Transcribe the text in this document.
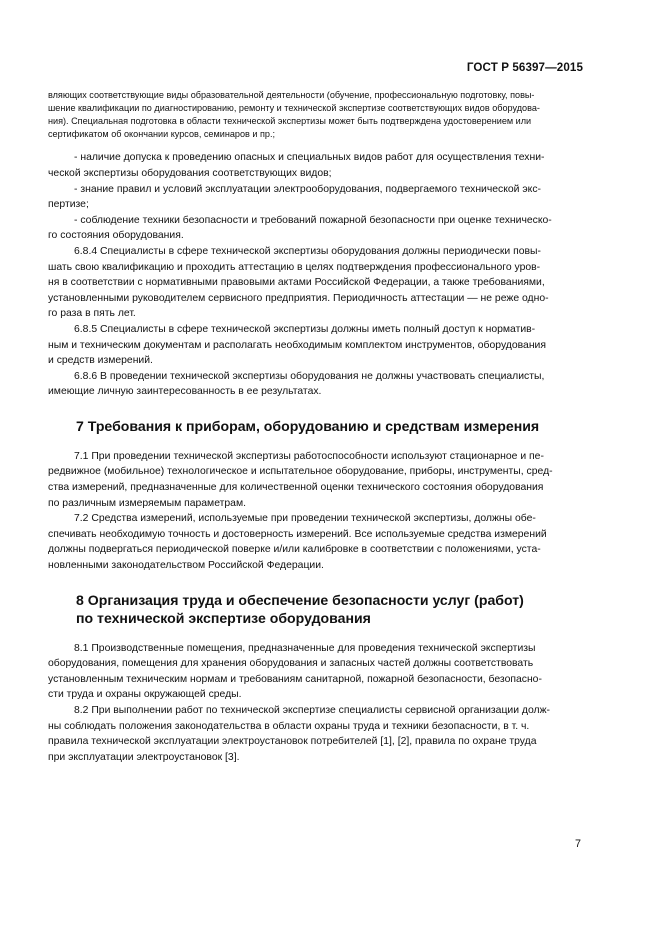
ГОСТ Р 56397—2015
вляющих соответствующие виды образовательной деятельности (обучение, профессиональную подготовку, повы-
шение квалификации по диагностированию, ремонту и технической экспертизе соответствующих видов оборудова-
ния). Специальная подготовка в области технической экспертизы может быть подтверждена удостоверением или
сертификатом об окончании курсов, семинаров и пр.;
- наличие допуска к проведению опасных и специальных видов работ для осуществления техни-
ческой экспертизы оборудования соответствующих видов;
- знание правил и условий эксплуатации электрооборудования, подвергаемого технической экс-
пертизе;
- соблюдение техники безопасности и требований пожарной безопасности при оценке техническо-
го состояния оборудования.
6.8.4 Специалисты в сфере технической экспертизы оборудования должны периодически повы-
шать свою квалификацию и проходить аттестацию в целях подтверждения профессионального уров-
ня в соответствии с нормативными правовыми актами Российской Федерации, а также требованиями,
установленными руководителем сервисного предприятия. Периодичность аттестации — не реже одно-
го раза в пять лет.
6.8.5 Специалисты в сфере технической экспертизы должны иметь полный доступ к норматив-
ным и техническим документам и располагать необходимым комплектом инструментов, оборудования
и средств измерений.
6.8.6 В проведении технической экспертизы оборудования не должны участвовать специалисты,
имеющие личную заинтересованность в ее результатах.
7 Требования к приборам, оборудованию и средствам измерения
7.1 При проведении технической экспертизы работоспособности используют стационарное и пе-
редвижное (мобильное) технологическое и испытательное оборудование, приборы, инструменты, сред-
ства измерений, предназначенные для количественной оценки технического состояния оборудования
по различным измеряемым параметрам.
7.2 Средства измерений, используемые при проведении технической экспертизы, должны обе-
спечивать необходимую точность и достоверность измерений. Все используемые средства измерений
должны подвергаться периодической поверке и/или калибровке в соответствии с положениями, уста-
новленными законодательством Российской Федерации.
8 Организация труда и обеспечение безопасности услуг (работ)
по технической экспертизе оборудования
8.1 Производственные помещения, предназначенные для проведения технической экспертизы
оборудования, помещения для хранения оборудования и запасных частей должны соответствовать
установленным техническим нормам и требованиям санитарной, пожарной безопасности, безопасно-
сти труда и охраны окружающей среды.
8.2 При выполнении работ по технической экспертизе специалисты сервисной организации долж-
ны соблюдать положения законодательства в области охраны труда и техники безопасности, в т. ч.
правила технической эксплуатации электроустановок потребителей [1], [2], правила по охране труда
при эксплуатации электроустановок [3].
7
